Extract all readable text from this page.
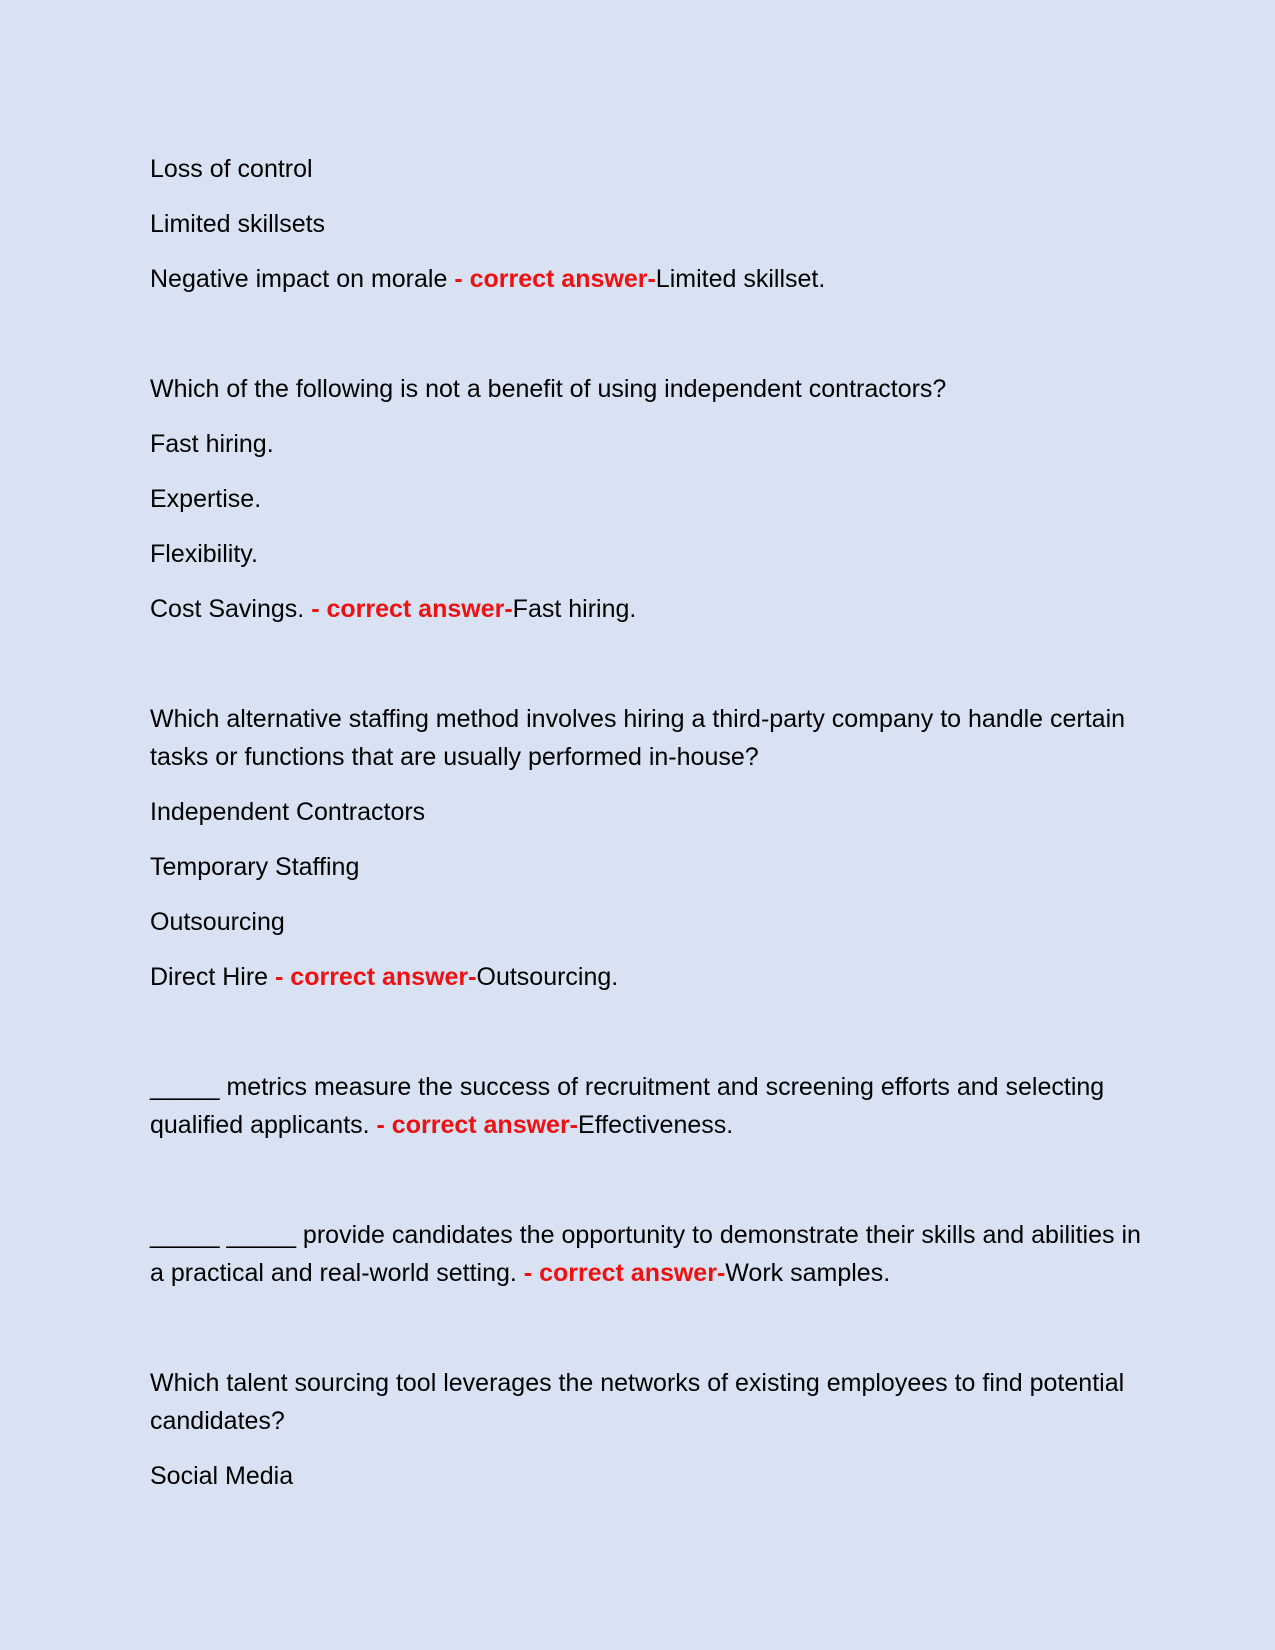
Loss of control
Limited skillsets
Negative impact on morale - correct answer-Limited skillset.
Which of the following is not a benefit of using independent contractors?
Fast hiring.
Expertise.
Flexibility.
Cost Savings. - correct answer-Fast hiring.
Which alternative staffing method involves hiring a third-party company to handle certain tasks or functions that are usually performed in-house?
Independent Contractors
Temporary Staffing
Outsourcing
Direct Hire - correct answer-Outsourcing.
_____ metrics measure the success of recruitment and screening efforts and selecting qualified applicants. - correct answer-Effectiveness.
_____ _____ provide candidates the opportunity to demonstrate their skills and abilities in a practical and real-world setting. - correct answer-Work samples.
Which talent sourcing tool leverages the networks of existing employees to find potential candidates?
Social Media
